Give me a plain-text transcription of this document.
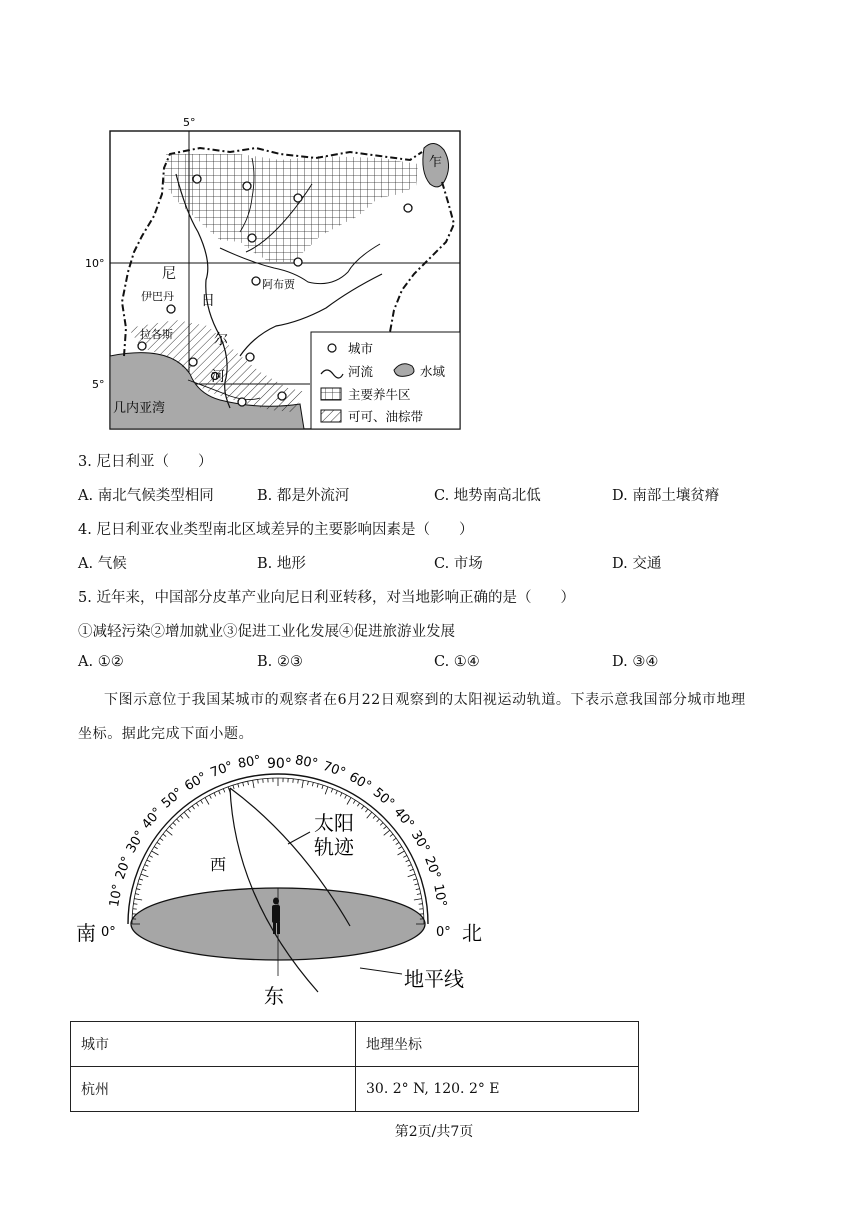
5°
10°
5°
伊巴丹
拉各斯
阿布贾
尼
日
尔
河
几内亚湾
乍
城市
河流	水域
主要养牛区
可可、油棕带
3. 尼日利亚（　　）
A. 南北气候类型相同	B. 都是外流河	C. 地势南高北低	D. 南部土壤贫瘠
4. 尼日利亚农业类型南北区域差异的主要影响因素是（　　）
A. 气候	B. 地形	C. 市场	D. 交通
5. 近年来，中国部分皮革产业向尼日利亚转移，对当地影响正确的是（　　）
①减轻污染②增加就业③促进工业化发展④促进旅游业发展
A. ①②	B. ②③	C. ①④	D. ③④
下图示意位于我国某城市的观察者在6月22日观察到的太阳视运动轨道。下表示意我国部分城市地理
坐标。据此完成下面小题。
南 0°	0° 北
东
西
太阳
轨迹
地平线
90°
10°
20°
30°
40°
50°
60°
70° 80° 80° 70°
60°
50°
40°
30°
20°
10°
城市	地理坐标
杭州	30. 2° N, 120. 2° E
第2页/共7页
